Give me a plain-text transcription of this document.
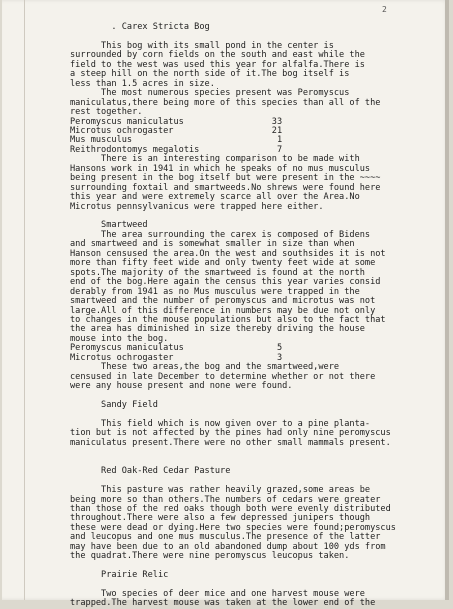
2

. Carex Stricta Bog
This bog with its small pond in the center is
surrounded by corn fields on the south and east while the
field to the west was used this year for alfalfa.There is
a steep hill on the north side of it.The bog itself is
less than 1.5 acres in size.
The most numerous species present was Peromyscus
maniculatus,there being more of this species than all of the
rest together.
Peromyscus maniculatus                 33
Microtus ochrogaster                   21
Mus musculus                            1
Reithrodontomys megalotis               7
There is an interesting comparison to be made with
Hansons work in 1941 in which he speaks of no mus musculus
being present in the bog itself but were present in the ~~~~
surrounding foxtail and smartweeds.No shrews were found here
this year and were extremely scarce all over the Area.No
Microtus pennsylvanicus were trapped here either.
Smartweed
The area surrounding the carex is composed of Bidens
and smartweed and is somewhat smaller in size than when
Hanson censused the area.On the west and southsides it is not
more than fifty feet wide and only twenty feet wide at some
spots.The majority of the smartweed is found at the north
end of the bog.Here again the census this year varies consid
derably from 1941 as no Mus musculus were trapped in the
smartweed and the number of peromyscus and microtus was not
large.All of this difference in numbers may be due not only
to changes in the mouse populations but also to the fact that
the area has diminished in size thereby driving the house
mouse into the bog.
Peromyscus maniculatus                  5
Microtus ochrogaster                    3
These two areas,the bog and the smartweed,were
censused in late December to determine whether or not there
were any house present and none were found.
Sandy Field
This field which is now given over to a pine planta-
tion but is not affected by the pines had only nine peromyscus
maniculatus present.There were no other small mammals present.
Red Oak-Red Cedar Pasture
This pasture was rather heavily grazed,some areas be
being more so than others.The numbers of cedars were greater
than those of the red oaks though both were evenly distributed
throughout.There were also a few depressed junipers though
these were dead or dying.Here two species were found;peromyscus
and leucopus and one mus musculus.The presence of the latter
may have been due to an old abandoned dump about 100 yds from
the quadrat.There were nine peromyscus leucopus taken.
Prairie Relic
Two species of deer mice and one harvest mouse were
trapped.The harvest mouse was taken at the lower end of the
